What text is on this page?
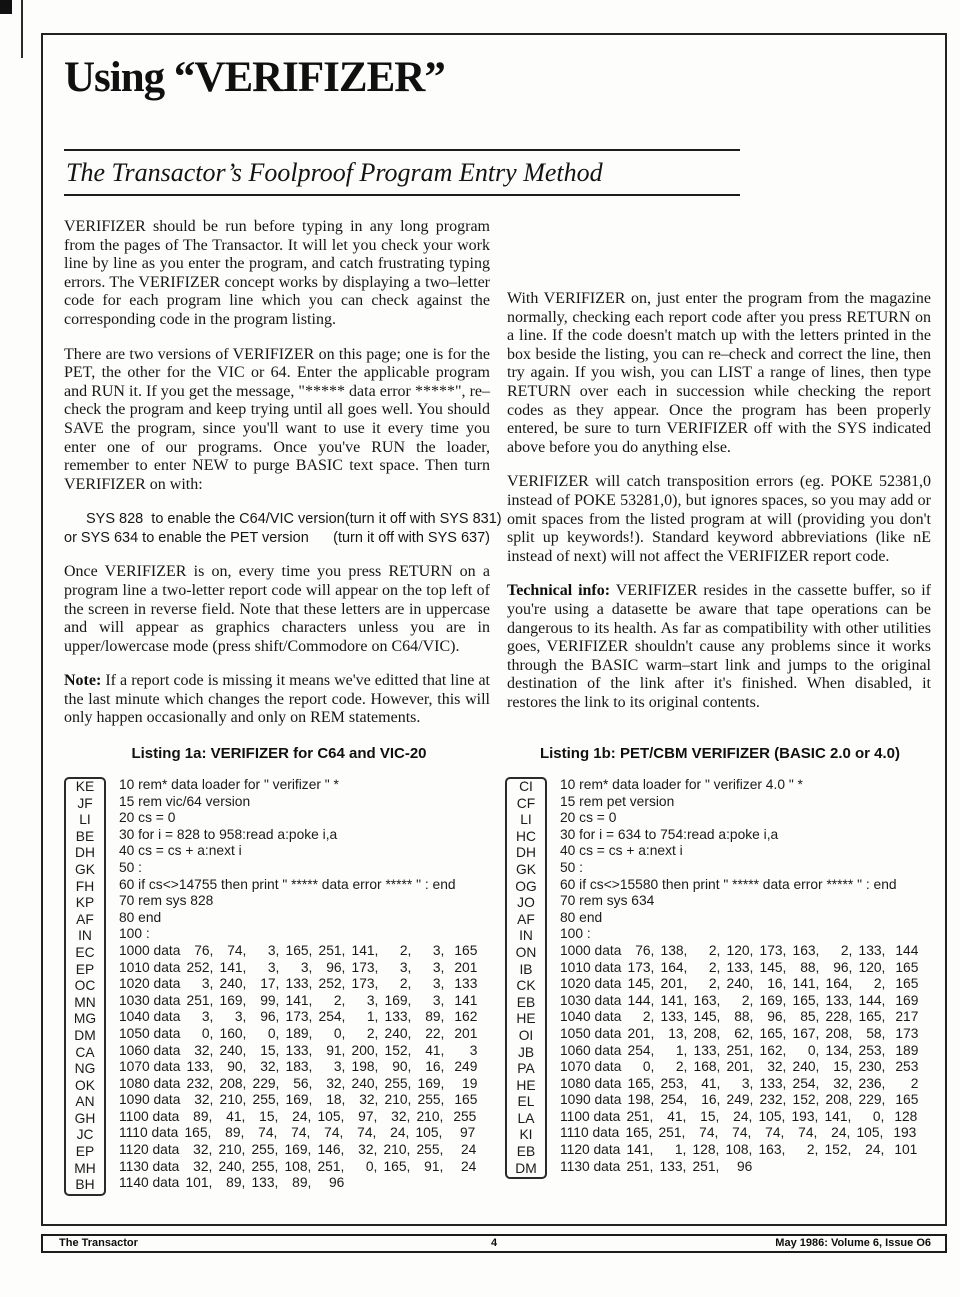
Using “VERIFIZER”
The Transactor’s Foolproof Program Entry Method

VERIFIZER should be run before typing in any long program from the pages of The Transactor. It will let you check your work line by line as you enter the program, and catch frustrating typing errors. The VERIFIZER concept works by displaying a two–letter code for each program line which you can check against the corresponding code in the program listing.

There are two versions of VERIFIZER on this page; one is for the PET, the other for the VIC or 64. Enter the applicable program and RUN it. If you get the message, "***** data error *****", re–check the program and keep trying until all goes well. You should SAVE the program, since you'll want to use it every time you enter one of our programs. Once you've RUN the loader, remember to enter NEW to purge BASIC text space. Then turn VERIFIZER on with:

SYS 828  to enable the C64/VIC version (turn it off with SYS 831)
or SYS 634 to enable the PET version (turn it off with SYS 637)

Once VERIFIZER is on, every time you press RETURN on a program line a two-letter report code will appear on the top left of the screen in reverse field. Note that these letters are in uppercase and will appear as graphics characters unless you are in upper/lowercase mode (press shift/Commodore on C64/VIC).

Note: If a report code is missing it means we've editted that line at the last minute which changes the report code. However, this will only happen occasionally and only on REM statements.

With VERIFIZER on, just enter the program from the magazine normally, checking each report code after you press RETURN on a line. If the code doesn't match up with the letters printed in the box beside the listing, you can re–check and correct the line, then try again. If you wish, you can LIST a range of lines, then type RETURN over each in succession while checking the report codes as they appear. Once the program has been properly entered, be sure to turn VERIFIZER off with the SYS indicated above before you do anything else.

VERIFIZER will catch transposition errors (eg. POKE 52381,0 instead of POKE 53281,0), but ignores spaces, so you may add or omit spaces from the listed program at will (providing you don't split up keywords!). Standard keyword abbreviations (like nE instead of next) will not affect the VERIFIZER report code.

Technical info: VERIFIZER resides in the cassette buffer, so if you're using a datasette be aware that tape operations can be dangerous to its health. As far as compatibility with other utilities goes, VERIFIZER shouldn't cause any problems since it works through the BASIC warm–start link and jumps to the original destination of the link after it's finished. When disabled, it restores the link to its original contents.

Listing 1a: VERIFIZER for C64 and VIC-20
KE
JF
LI
BE
DH
GK
FH
KP
AF
IN
EC
EP
OC
MN
MG
DM
CA
NG
OK
AN
GH
JC
EP
MH
BH
10 rem* data loader for " verifizer " *
15 rem vic/64 version
20 cs = 0
30 for i = 828 to 958:read a:poke i,a
40 cs = cs + a:next i
50 :
60 if cs<>14755 then print " ***** data error ***** " : end
70 rem sys 828
80 end
100 :
1000 data 76, 74, 3, 165, 251, 141, 2, 3, 165
1010 data 252, 141, 3, 3, 96, 173, 3, 3, 201
1020 data 3, 240, 17, 133, 252, 173, 2, 3, 133
1030 data 251, 169, 99, 141, 2, 3, 169, 3, 141
1040 data 3, 3, 96, 173, 254, 1, 133, 89, 162
1050 data 0, 160, 0, 189, 0, 2, 240, 22, 201
1060 data 32, 240, 15, 133, 91, 200, 152, 41, 3
1070 data 133, 90, 32, 183, 3, 198, 90, 16, 249
1080 data 232, 208, 229, 56, 32, 240, 255, 169, 19
1090 data 32, 210, 255, 169, 18, 32, 210, 255, 165
1100 data 89, 41, 15, 24, 105, 97, 32, 210, 255
1110 data 165, 89, 74, 74, 74, 74, 24, 105, 97
1120 data 32, 210, 255, 169, 146, 32, 210, 255, 24
1130 data 32, 240, 255, 108, 251, 0, 165, 91, 24
1140 data 101, 89, 133, 89, 96
Listing 1b: PET/CBM VERIFIZER (BASIC 2.0 or 4.0)
CI
CF
LI
HC
DH
GK
OG
JO
AF
IN
ON
IB
CK
EB
HE
OI
JB
PA
HE
EL
LA
KI
EB
DM
10 rem* data loader for " verifizer 4.0 " *
15 rem pet version
20 cs = 0
30 for i = 634 to 754:read a:poke i,a
40 cs = cs + a:next i
50 :
60 if cs<>15580 then print " ***** data error ***** " : end
70 rem sys 634
80 end
100 :
1000 data 76, 138, 2, 120, 173, 163, 2, 133, 144
1010 data 173, 164, 2, 133, 145, 88, 96, 120, 165
1020 data 145, 201, 2, 240, 16, 141, 164, 2, 165
1030 data 144, 141, 163, 2, 169, 165, 133, 144, 169
1040 data 2, 133, 145, 88, 96, 85, 228, 165, 217
1050 data 201, 13, 208, 62, 165, 167, 208, 58, 173
1060 data 254, 1, 133, 251, 162, 0, 134, 253, 189
1070 data 0, 2, 168, 201, 32, 240, 15, 230, 253
1080 data 165, 253, 41, 3, 133, 254, 32, 236, 2
1090 data 198, 254, 16, 249, 232, 152, 208, 229, 165
1100 data 251, 41, 15, 24, 105, 193, 141, 0, 128
1110 data 165, 251, 74, 74, 74, 74, 24, 105, 193
1120 data 141, 1, 128, 108, 163, 2, 152, 24, 101
1130 data 251, 133, 251, 96
The Transactor	4	May 1986: Volume 6, Issue O6
